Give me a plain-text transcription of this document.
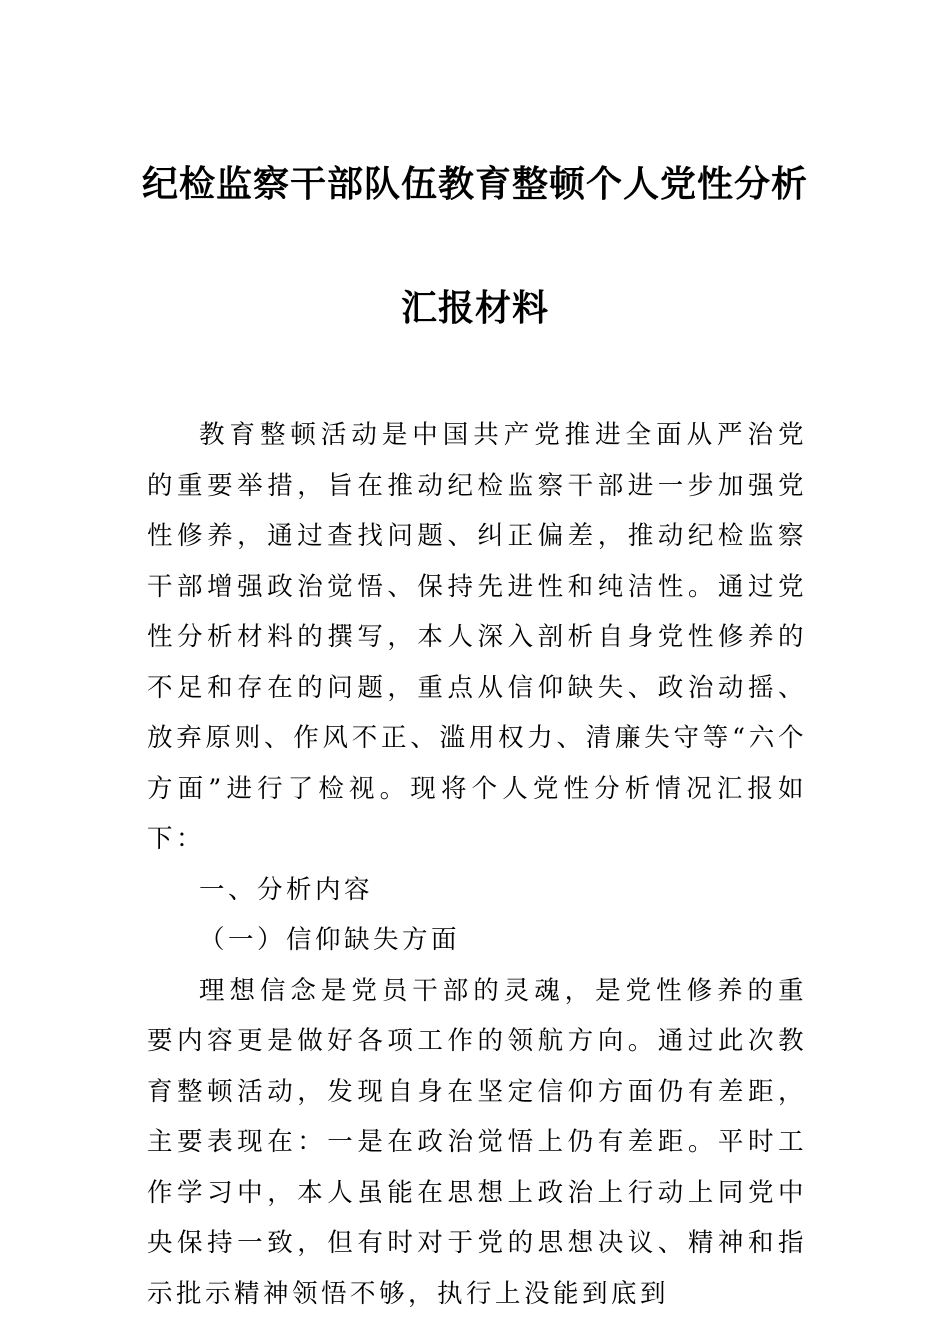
纪检监察干部队伍教育整顿个人党性分析
汇报材料

教育整顿活动是中国共产党推进全面从严治党的重要举措，旨在推动纪检监察干部进一步加强党性修养，通过查找问题、纠正偏差，推动纪检监察干部增强政治觉悟、保持先进性和纯洁性。通过党性分析材料的撰写，本人深入剖析自身党性修养的不足和存在的问题，重点从信仰缺失、政治动摇、放弃原则、作风不正、滥用权力、清廉失守等“六个方面”进行了检视。现将个人党性分析情况汇报如下：

一、分析内容

（一）信仰缺失方面

理想信念是党员干部的灵魂，是党性修养的重要内容更是做好各项工作的领航方向。通过此次教育整顿活动，发现自身在坚定信仰方面仍有差距，主要表现在：一是在政治觉悟上仍有差距。平时工作学习中，本人虽能在思想上政治上行动上同党中央保持一致，但有时对于党的思想决议、精神和指示批示精神领悟不够，执行上没能到底到
